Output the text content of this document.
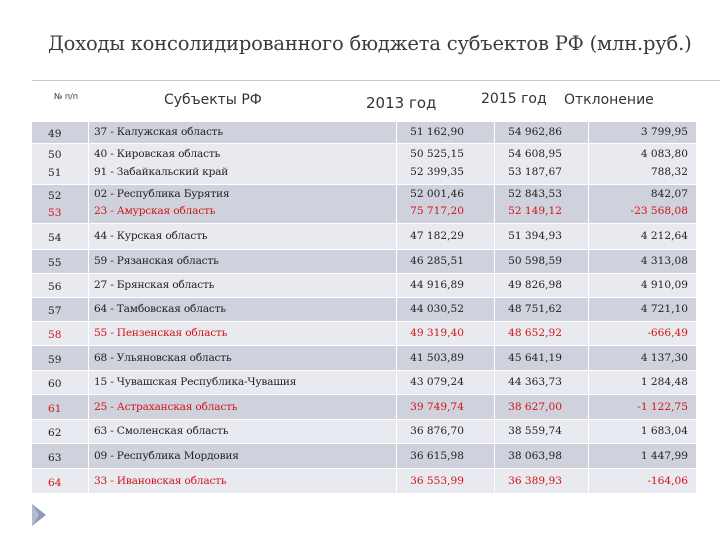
Доходы консолидированного бюджета субъектов РФ (млн.руб.)
№ п/п	Субъекты РФ	2013 год	2015 год Отклонение
49	37 - Калужская область	51 162,90	54 962,86	3 799,95
50	40 - Кировская область	50 525,15	54 608,95	4 083,80
51	91 - Забайкальский край	52 399,35	53 187,67	788,32
52	02 - Республика Бурятия	52 001,46	52 843,53	842,07
53	23 - Амурская область	75 717,20	52 149,12	-23 568,08
54	44 - Курская область	47 182,29	51 394,93	4 212,64
55	59 - Рязанская область	46 285,51	50 598,59	4 313,08
56	27 - Брянская область	44 916,89	49 826,98	4 910,09
57	64 - Тамбовская область	44 030,52	48 751,62	4 721,10
58	55 - Пензенская область	49 319,40	48 652,92	-666,49
59	68 - Ульяновская область	41 503,89	45 641,19	4 137,30
60	15 - Чувашская Республика-Чувашия	43 079,24	44 363,73	1 284,48
61	25 - Астраханская область	39 749,74	38 627,00	-1 122,75
62	63 - Смоленская область	36 876,70	38 559,74	1 683,04
63	09 - Республика Мордовия	36 615,98	38 063,98	1 447,99
64	33 - Ивановская область	36 553,99	36 389,93	-164,06
